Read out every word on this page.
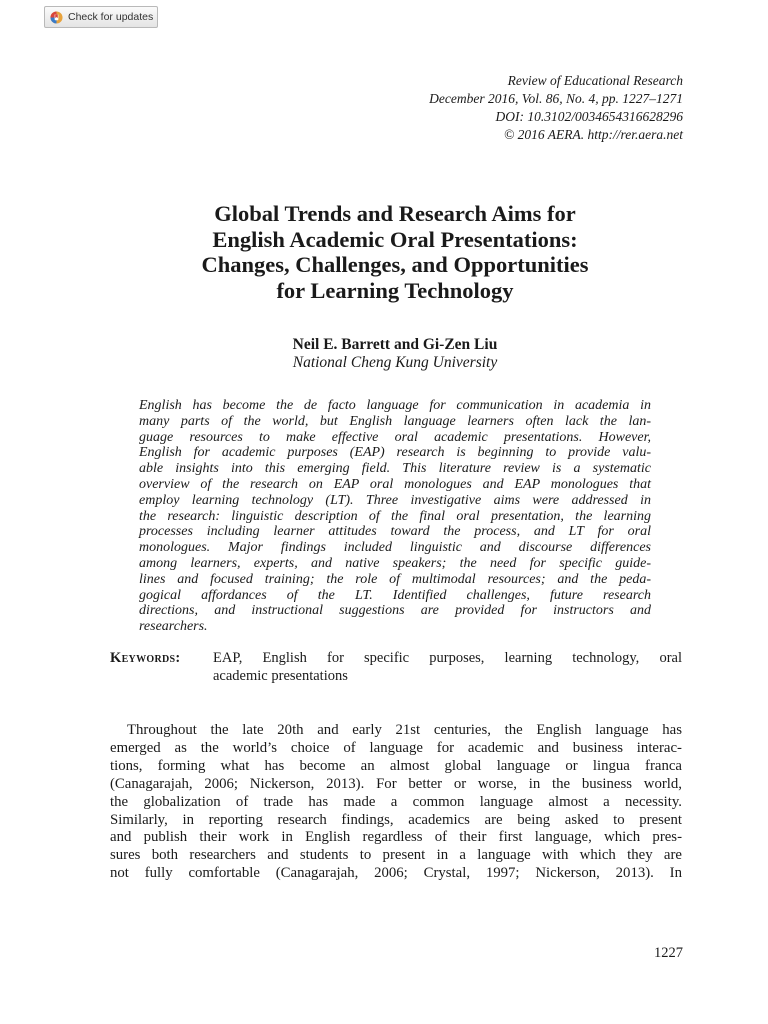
Check for updates
Review of Educational Research
December 2016, Vol. 86, No. 4, pp. 1227–1271
DOI: 10.3102/0034654316628296
© 2016 AERA. http://rer.aera.net
Global Trends and Research Aims for
English Academic Oral Presentations:
Changes, Challenges, and Opportunities
for Learning Technology
Neil E. Barrett and Gi-Zen Liu
National Cheng Kung University
English has become the de facto language for communication in academia in
many parts of the world, but English language learners often lack the lan-
guage resources to make effective oral academic presentations. However,
English for academic purposes (EAP) research is beginning to provide valu-
able insights into this emerging field. This literature review is a systematic
overview of the research on EAP oral monologues and EAP monologues that
employ learning technology (LT). Three investigative aims were addressed in
the research: linguistic description of the final oral presentation, the learning
processes including learner attitudes toward the process, and LT for oral
monologues. Major findings included linguistic and discourse differences
among learners, experts, and native speakers; the need for specific guide-
lines and focused training; the role of multimodal resources; and the peda-
gogical affordances of the LT. Identified challenges, future research
directions, and instructional suggestions are provided for instructors and
researchers.
Keywords: EAP, English for specific purposes, learning technology, oral
academic presentations
Throughout the late 20th and early 21st centuries, the English language has
emerged as the world’s choice of language for academic and business interac-
tions, forming what has become an almost global language or lingua franca
(Canagarajah, 2006; Nickerson, 2013). For better or worse, in the business world,
the globalization of trade has made a common language almost a necessity.
Similarly, in reporting research findings, academics are being asked to present
and publish their work in English regardless of their first language, which pres-
sures both researchers and students to present in a language with which they are
not fully comfortable (Canagarajah, 2006; Crystal, 1997; Nickerson, 2013). In
1227
